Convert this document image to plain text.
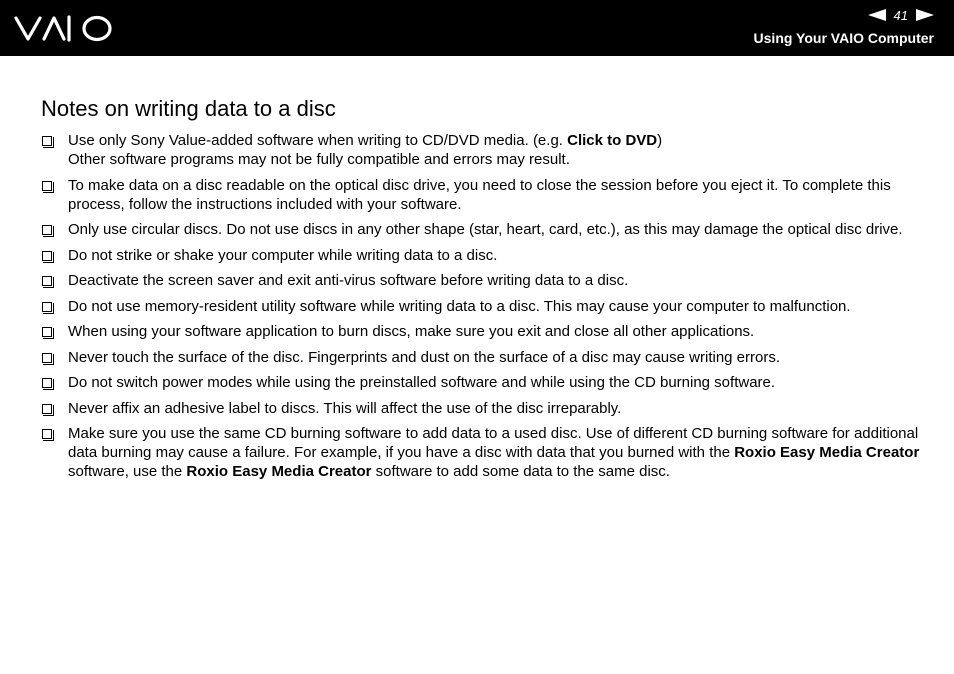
41
Using Your VAIO Computer
Notes on writing data to a disc
Use only Sony Value-added software when writing to CD/DVD media. (e.g. Click to DVD)
Other software programs may not be fully compatible and errors may result.
To make data on a disc readable on the optical disc drive, you need to close the session before you eject it. To complete this process, follow the instructions included with your software.
Only use circular discs. Do not use discs in any other shape (star, heart, card, etc.), as this may damage the optical disc drive.
Do not strike or shake your computer while writing data to a disc.
Deactivate the screen saver and exit anti-virus software before writing data to a disc.
Do not use memory-resident utility software while writing data to a disc. This may cause your computer to malfunction.
When using your software application to burn discs, make sure you exit and close all other applications.
Never touch the surface of the disc. Fingerprints and dust on the surface of a disc may cause writing errors.
Do not switch power modes while using the preinstalled software and while using the CD burning software.
Never affix an adhesive label to discs. This will affect the use of the disc irreparably.
Make sure you use the same CD burning software to add data to a used disc. Use of different CD burning software for additional data burning may cause a failure. For example, if you have a disc with data that you burned with the Roxio Easy Media Creator software, use the Roxio Easy Media Creator software to add some data to the same disc.
